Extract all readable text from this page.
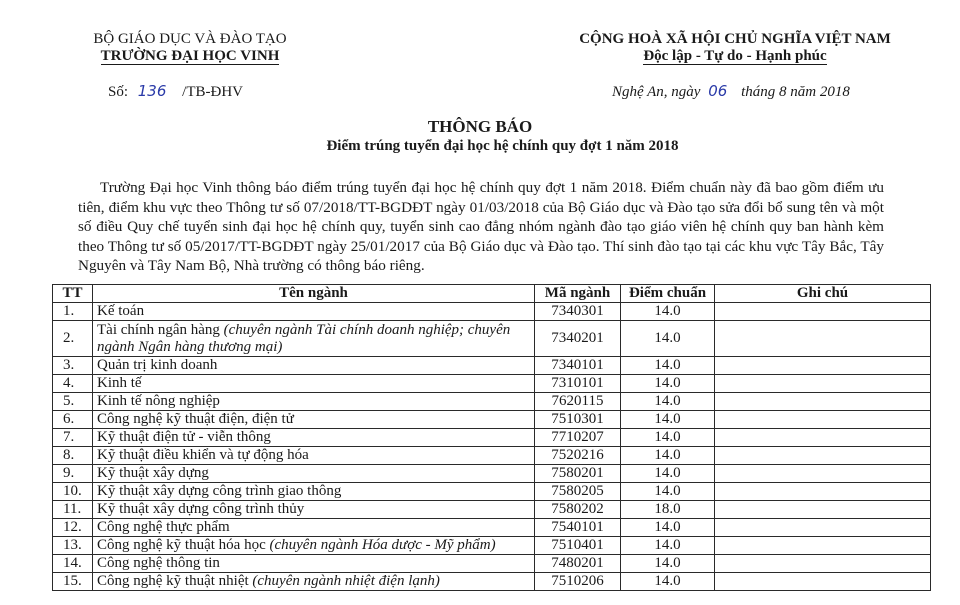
BỘ GIÁO DỤC VÀ ĐÀO TẠO
TRƯỜNG ĐẠI HỌC VINH
CỘNG HOÀ XÃ HỘI CHỦ NGHĨA VIỆT NAM
Độc lập - Tự do - Hạnh phúc
Số: 136 /TB-ĐHV	Nghệ An, ngày 06 tháng 8 năm 2018
THÔNG BÁO
Điểm trúng tuyển đại học hệ chính quy đợt 1 năm 2018
Trường Đại học Vinh thông báo điểm trúng tuyển đại học hệ chính quy đợt 1 năm 2018. Điểm chuẩn này đã bao gồm điểm ưu tiên, điểm khu vực theo Thông tư số 07/2018/TT-BGDĐT ngày 01/03/2018 của Bộ Giáo dục và Đào tạo sửa đổi bổ sung tên và một số điều Quy chế tuyển sinh đại học hệ chính quy, tuyển sinh cao đẳng nhóm ngành đào tạo giáo viên hệ chính quy ban hành kèm theo Thông tư số 05/2017/TT-BGDĐT ngày 25/01/2017 của Bộ Giáo dục và Đào tạo. Thí sinh đào tạo tại các khu vực Tây Bắc, Tây Nguyên và Tây Nam Bộ, Nhà trường có thông báo riêng.
TT	Tên ngành	Mã ngành	Điểm chuẩn	Ghi chú
1.	Kế toán	7340301	14.0	
2.	Tài chính ngân hàng (chuyên ngành Tài chính doanh nghiệp; chuyên ngành Ngân hàng thương mại)	7340201	14.0	
3.	Quản trị kinh doanh	7340101	14.0	
4.	Kinh tế	7310101	14.0	
5.	Kinh tế nông nghiệp	7620115	14.0	
6.	Công nghệ kỹ thuật điện, điện tử	7510301	14.0	
7.	Kỹ thuật điện tử - viễn thông	7710207	14.0	
8.	Kỹ thuật điều khiển và tự động hóa	7520216	14.0	
9.	Kỹ thuật xây dựng	7580201	14.0	
10.	Kỹ thuật xây dựng công trình giao thông	7580205	14.0	
11.	Kỹ thuật xây dựng công trình thủy	7580202	18.0	
12.	Công nghệ thực phẩm	7540101	14.0	
13.	Công nghệ kỹ thuật hóa học (chuyên ngành Hóa dược - Mỹ phẩm)	7510401	14.0	
14.	Công nghệ thông tin	7480201	14.0	
15.	Công nghệ kỹ thuật nhiệt (chuyên ngành nhiệt điện lạnh)	7510206	14.0	
